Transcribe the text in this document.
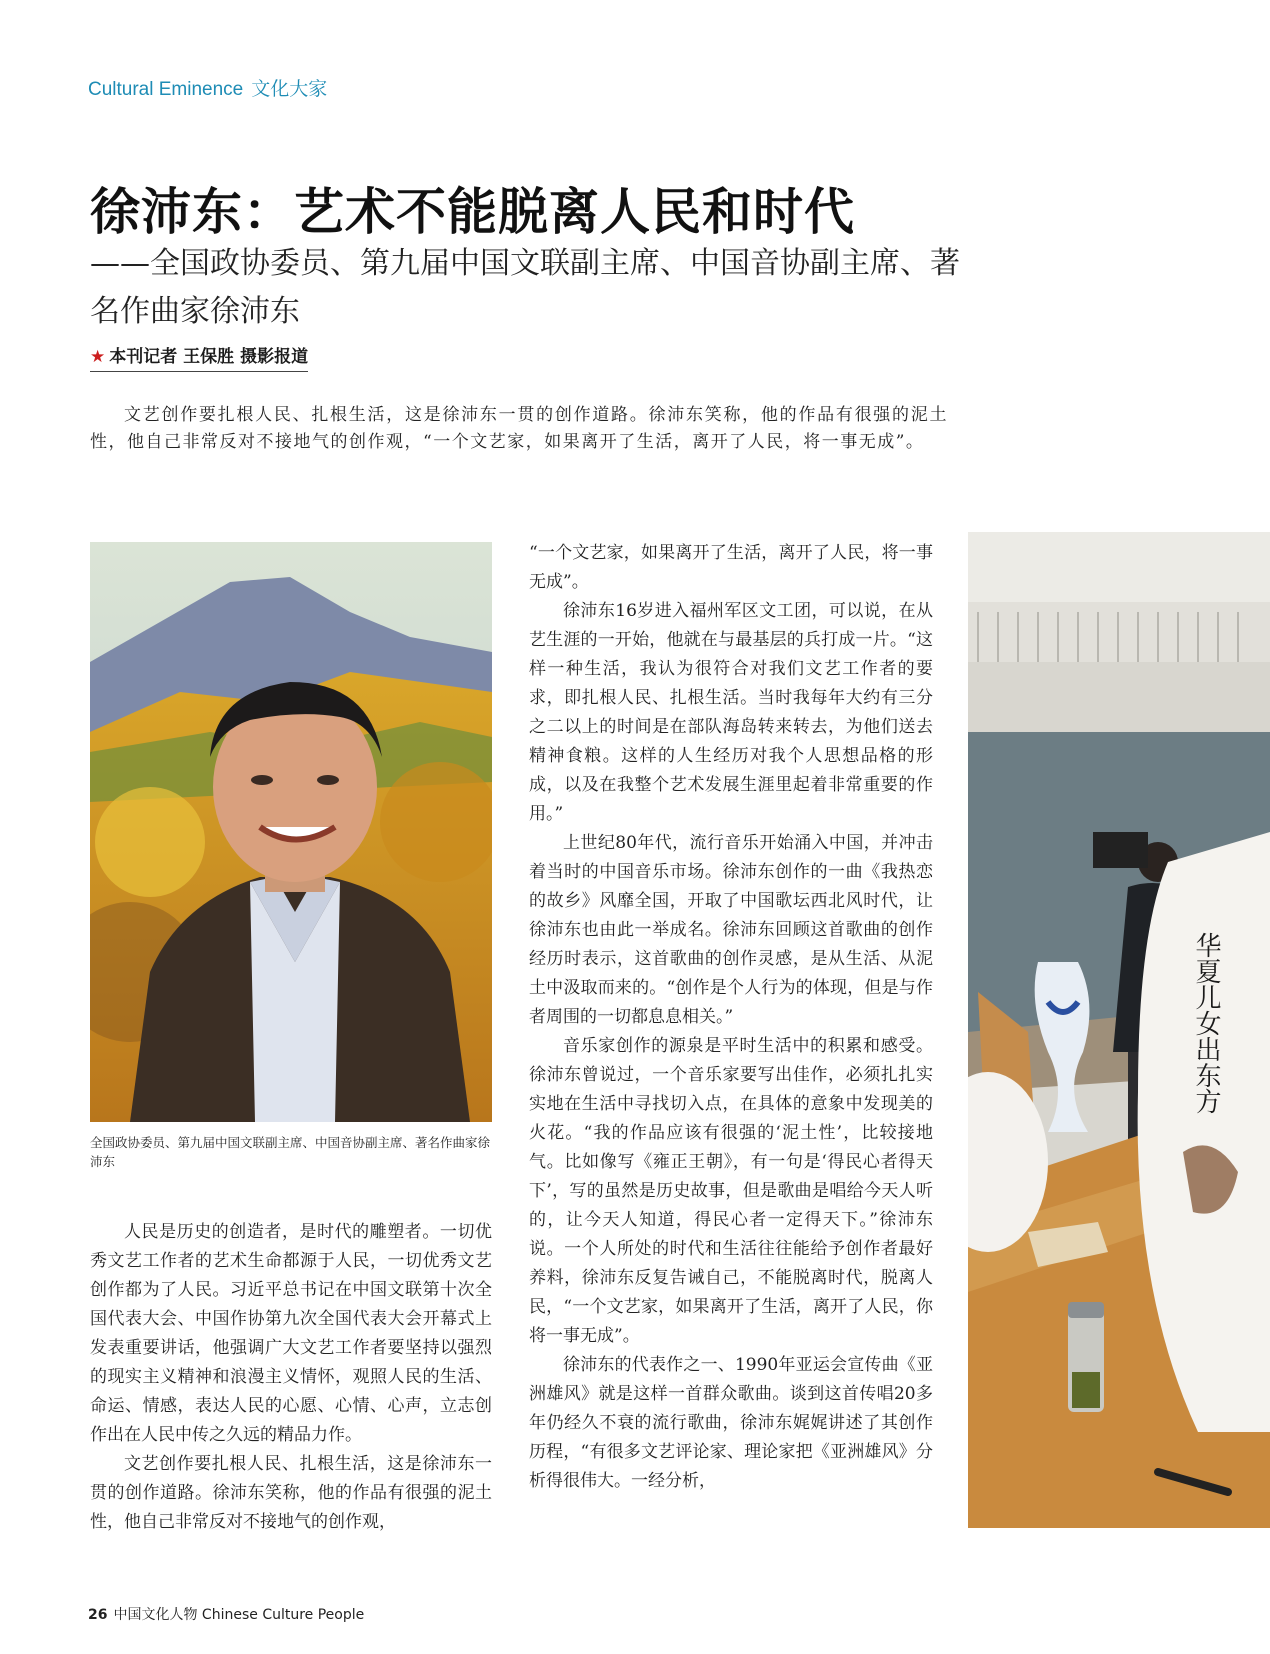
Cultural Eminence 文化大家
徐沛东：艺术不能脱离人民和时代

——全国政协委员、第九届中国文联副主席、中国音协副主席、著名作曲家徐沛东

★ 本刊记者 王保胜 摄影报道

文艺创作要扎根人民、扎根生活，这是徐沛东一贯的创作道路。徐沛东笑称，他的作品有很强的泥土性，他自己非常反对不接地气的创作观，“一个文艺家，如果离开了生活，离开了人民，将一事无成”。

全国政协委员、第九届中国文联副主席、中国音协副主席、著名作曲家徐沛东

人民是历史的创造者，是时代的雕塑者。一切优秀文艺工作者的艺术生命都源于人民，一切优秀文艺创作都为了人民。习近平总书记在中国文联第十次全国代表大会、中国作协第九次全国代表大会开幕式上发表重要讲话，他强调广大文艺工作者要坚持以强烈的现实主义精神和浪漫主义情怀，观照人民的生活、命运、情感，表达人民的心愿、心情、心声，立志创作出在人民中传之久远的精品力作。

文艺创作要扎根人民、扎根生活，这是徐沛东一贯的创作道路。徐沛东笑称，他的作品有很强的泥土性，他自己非常反对不接地气的创作观，

“一个文艺家，如果离开了生活，离开了人民，将一事无成”。

徐沛东16岁进入福州军区文工团，可以说，在从艺生涯的一开始，他就在与最基层的兵打成一片。“这样一种生活，我认为很符合对我们文艺工作者的要求，即扎根人民、扎根生活。当时我每年大约有三分之二以上的时间是在部队海岛转来转去，为他们送去精神食粮。这样的人生经历对我个人思想品格的形成，以及在我整个艺术发展生涯里起着非常重要的作用。”

上世纪80年代，流行音乐开始涌入中国，并冲击着当时的中国音乐市场。徐沛东创作的一曲《我热恋的故乡》风靡全国，开取了中国歌坛西北风时代，让徐沛东也由此一举成名。徐沛东回顾这首歌曲的创作经历时表示，这首歌曲的创作灵感，是从生活、从泥土中汲取而来的。“创作是个人行为的体现，但是与作者周围的一切都息息相关。”

音乐家创作的源泉是平时生活中的积累和感受。徐沛东曾说过，一个音乐家要写出佳作，必须扎扎实实地在生活中寻找切入点，在具体的意象中发现美的火花。“我的作品应该有很强的‘泥土性’，比较接地气。比如像写《雍正王朝》，有一句是‘得民心者得天下’，写的虽然是历史故事，但是歌曲是唱给今天人听的，让今天人知道，得民心者一定得天下。”徐沛东说。一个人所处的时代和生活往往能给予创作者最好养料，徐沛东反复告诫自己，不能脱离时代，脱离人民，“一个文艺家，如果离开了生活，离开了人民，你将一事无成”。

徐沛东的代表作之一、1990年亚运会宣传曲《亚洲雄风》就是这样一首群众歌曲。谈到这首传唱20多年仍经久不衰的流行歌曲，徐沛东娓娓讲述了其创作历程，“有很多文艺评论家、理论家把《亚洲雄风》分析得很伟大。一经分析，

华夏儿女出东方
26 中国文化人物 Chinese Culture People
